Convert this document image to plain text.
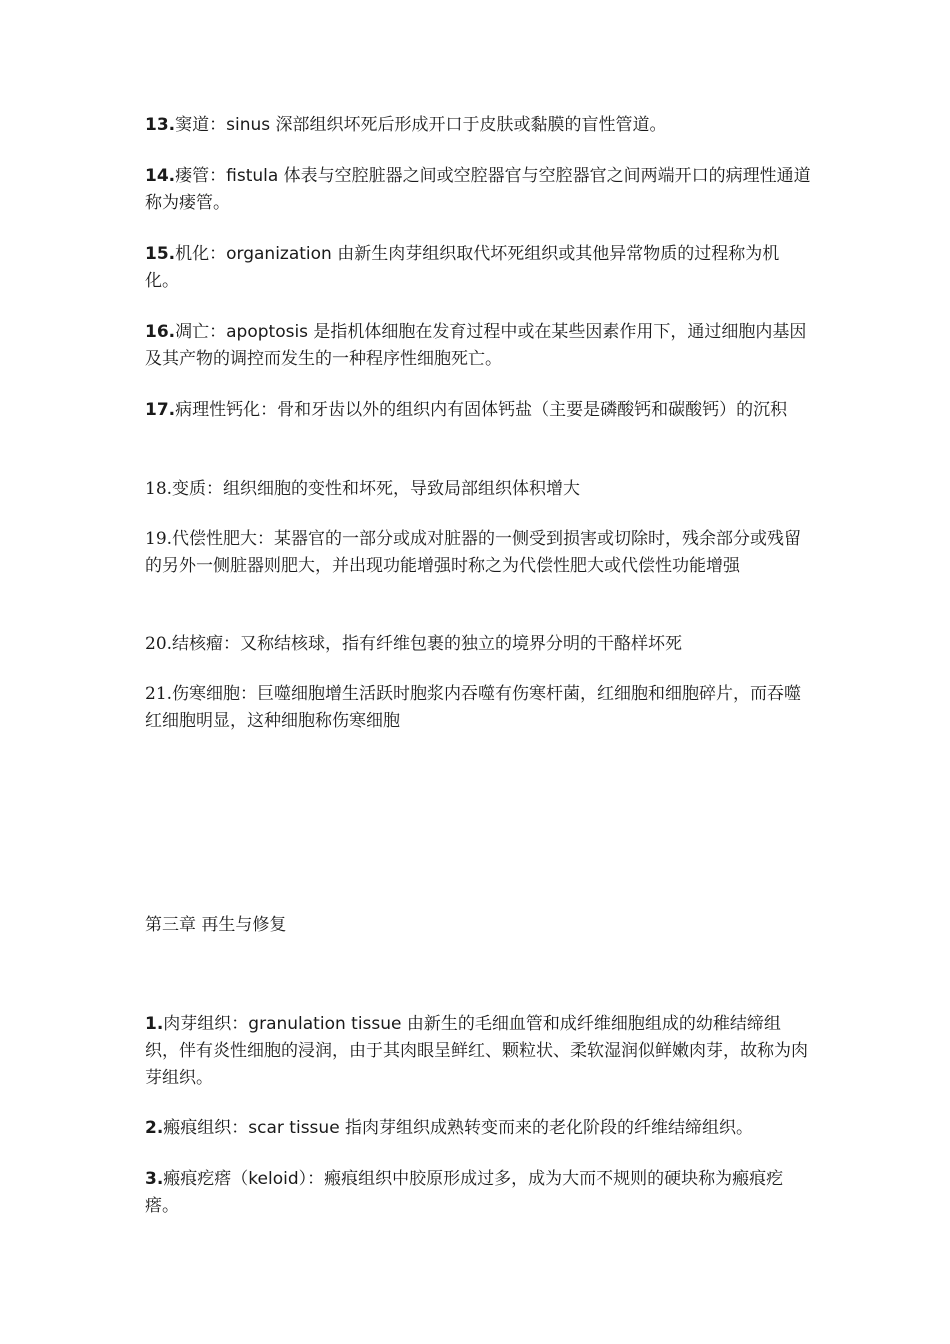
13.窦道：sinus 深部组织坏死后形成开口于皮肤或黏膜的盲性管道。

14.瘘管：fistula 体表与空腔脏器之间或空腔器官与空腔器官之间两端开口的病理性通道称为瘘管。

15.机化：organization 由新生肉芽组织取代坏死组织或其他异常物质的过程称为机化。

16.凋亡：apoptosis 是指机体细胞在发育过程中或在某些因素作用下，通过细胞内基因及其产物的调控而发生的一种程序性细胞死亡。

17.病理性钙化：骨和牙齿以外的组织内有固体钙盐（主要是磷酸钙和碳酸钙）的沉积

18.变质：组织细胞的变性和坏死，导致局部组织体积增大

19.代偿性肥大：某器官的一部分或成对脏器的一侧受到损害或切除时，残余部分或残留的另外一侧脏器则肥大，并出现功能增强时称之为代偿性肥大或代偿性功能增强

20.结核瘤：又称结核球，指有纤维包裹的独立的境界分明的干酪样坏死

21.伤寒细胞：巨噬细胞增生活跃时胞浆内吞噬有伤寒杆菌，红细胞和细胞碎片，而吞噬红细胞明显，这种细胞称伤寒细胞

第三章 再生与修复

1.肉芽组织：granulation tissue 由新生的毛细血管和成纤维细胞组成的幼稚结缔组织，伴有炎性细胞的浸润，由于其肉眼呈鲜红、颗粒状、柔软湿润似鲜嫩肉芽，故称为肉芽组织。

2.瘢痕组织：scar tissue 指肉芽组织成熟转变而来的老化阶段的纤维结缔组织。

3.瘢痕疙瘩（keloid）：瘢痕组织中胶原形成过多，成为大而不规则的硬块称为瘢痕疙瘩。
